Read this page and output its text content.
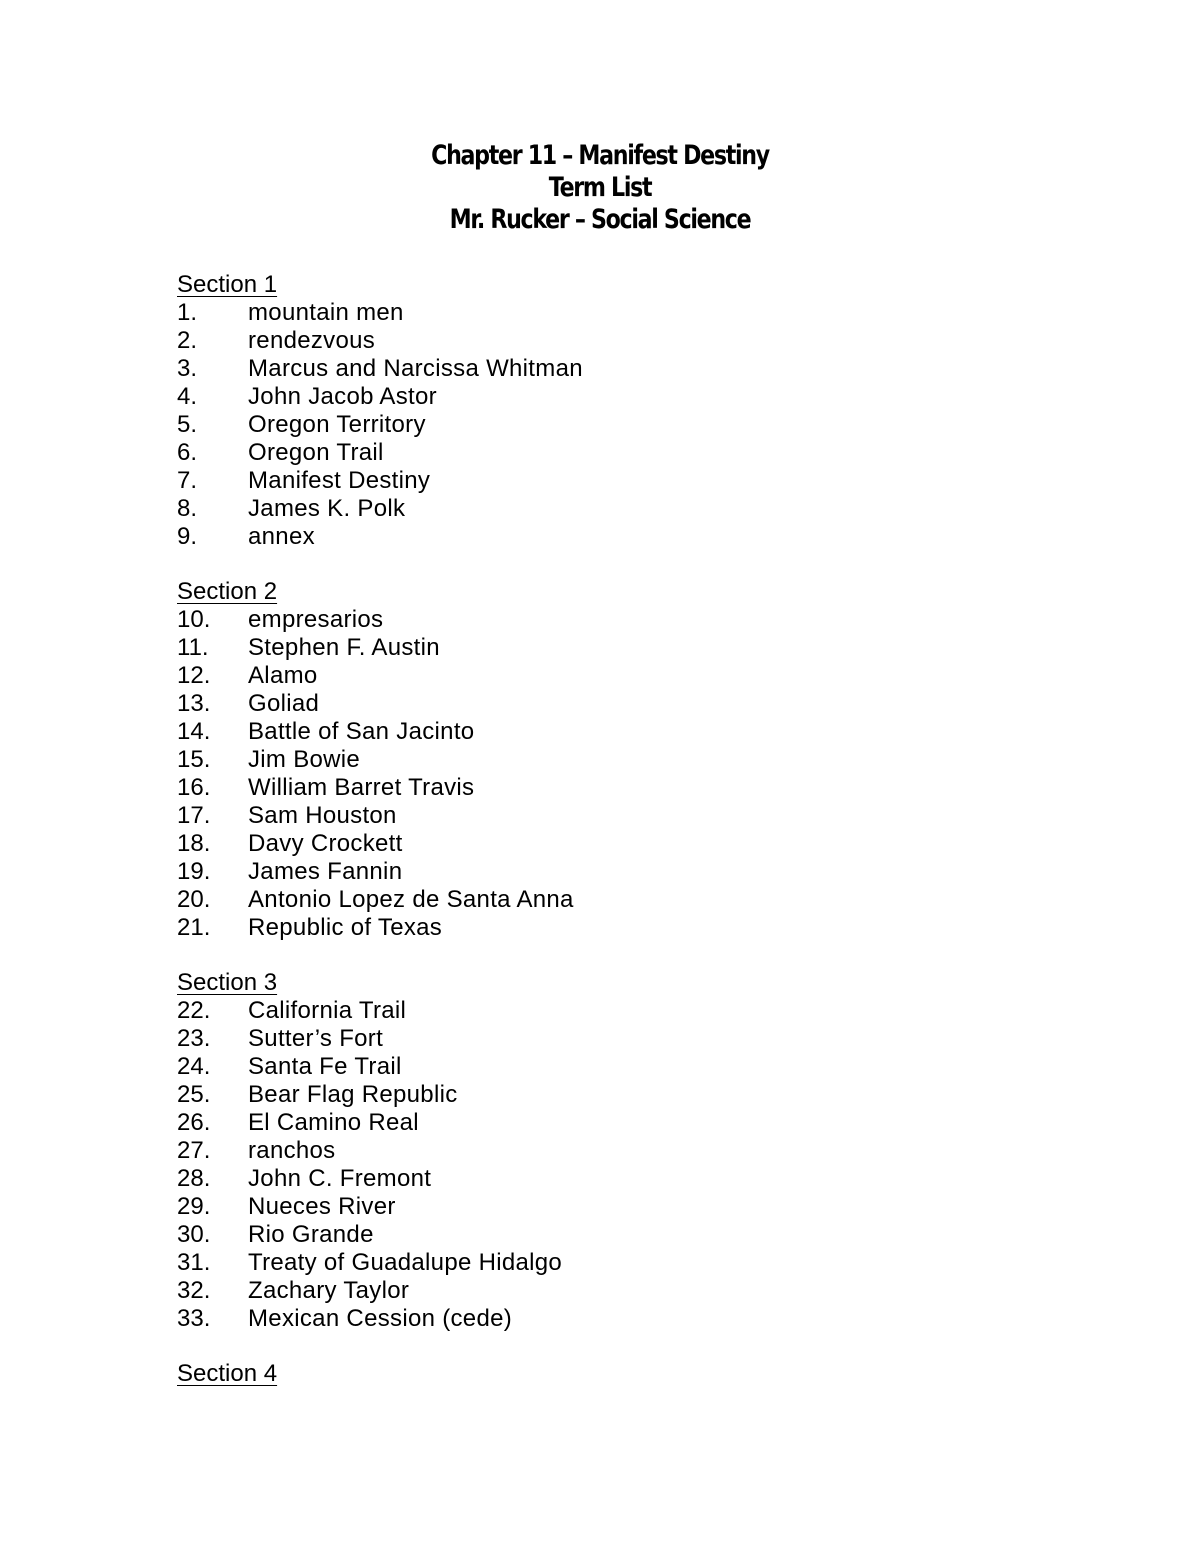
Chapter 11 – Manifest Destiny
Term List
Mr. Rucker – Social Science
Section 1
1.	mountain men
2.	rendezvous
3.	Marcus and Narcissa Whitman
4.	John Jacob Astor
5.	Oregon Territory
6.	Oregon Trail
7.	Manifest Destiny
8.	James K. Polk
9.	annex
Section 2
10.	empresarios
11.	Stephen F. Austin
12.	Alamo
13.	Goliad
14.	Battle of San Jacinto
15.	Jim Bowie
16.	William Barret Travis
17.	Sam Houston
18.	Davy Crockett
19.	James Fannin
20.	Antonio Lopez de Santa Anna
21.	Republic of Texas
Section 3
22.	California Trail
23.	Sutter’s Fort
24.	Santa Fe Trail
25.	Bear Flag Republic
26.	El Camino Real
27.	ranchos
28.	John C. Fremont
29.	Nueces River
30.	Rio Grande
31.	Treaty of Guadalupe Hidalgo
32.	Zachary Taylor
33.	Mexican Cession (cede)
Section 4
